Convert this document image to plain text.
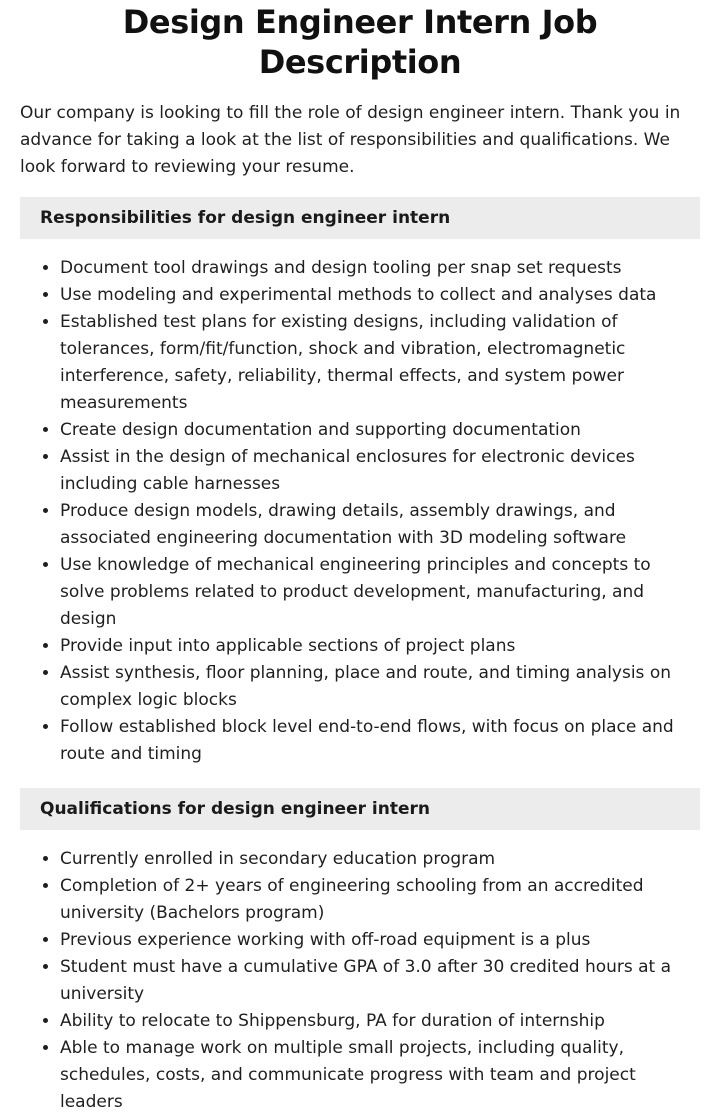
Design Engineer Intern Job Description

Our company is looking to fill the role of design engineer intern. Thank you in advance for taking a look at the list of responsibilities and qualifications. We look forward to reviewing your resume.

Responsibilities for design engineer intern
• Document tool drawings and design tooling per snap set requests
• Use modeling and experimental methods to collect and analyses data
• Established test plans for existing designs, including validation of tolerances, form/fit/function, shock and vibration, electromagnetic interference, safety, reliability, thermal effects, and system power measurements
• Create design documentation and supporting documentation
• Assist in the design of mechanical enclosures for electronic devices including cable harnesses
• Produce design models, drawing details, assembly drawings, and associated engineering documentation with 3D modeling software
• Use knowledge of mechanical engineering principles and concepts to solve problems related to product development, manufacturing, and design
• Provide input into applicable sections of project plans
• Assist synthesis, floor planning, place and route, and timing analysis on complex logic blocks
• Follow established block level end-to-end flows, with focus on place and route and timing
Qualifications for design engineer intern
• Currently enrolled in secondary education program
• Completion of 2+ years of engineering schooling from an accredited university (Bachelors program)
• Previous experience working with off-road equipment is a plus
• Student must have a cumulative GPA of 3.0 after 30 credited hours at a university
• Ability to relocate to Shippensburg, PA for duration of internship
• Able to manage work on multiple small projects, including quality, schedules, costs, and communicate progress with team and project leaders
